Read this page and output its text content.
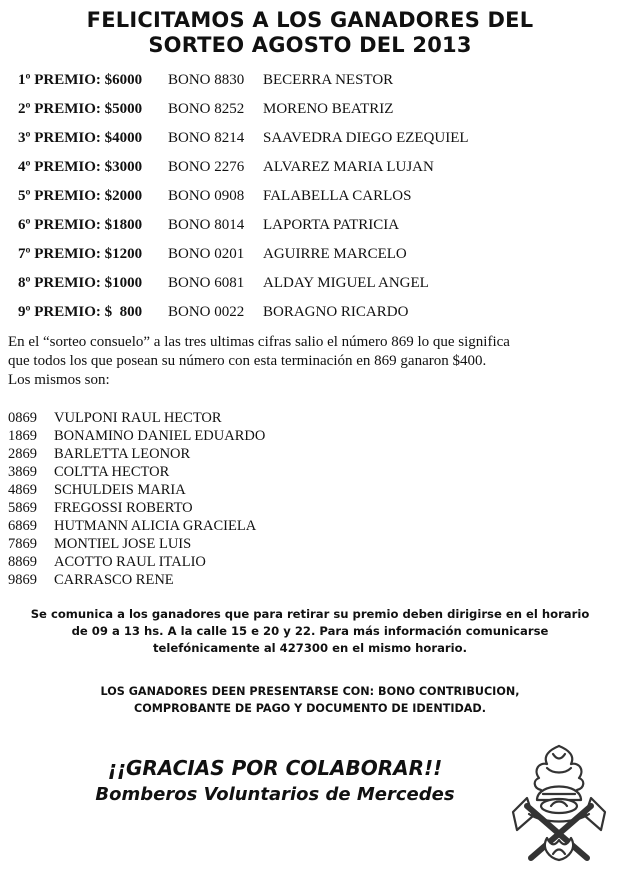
FELICITAMOS A LOS GANADORES DEL
SORTEO AGOSTO DEL 2013
1º PREMIO: $6000	BONO 8830	BECERRA NESTOR
2º PREMIO: $5000	BONO 8252	MORENO BEATRIZ
3º PREMIO: $4000	BONO 8214	SAAVEDRA DIEGO EZEQUIEL
4º PREMIO: $3000	BONO 2276	ALVAREZ MARIA LUJAN
5º PREMIO: $2000	BONO 0908	FALABELLA CARLOS
6º PREMIO: $1800	BONO 8014	LAPORTA PATRICIA
7º PREMIO: $1200	BONO 0201	AGUIRRE MARCELO
8º PREMIO: $1000	BONO 6081	ALDAY MIGUEL ANGEL
9º PREMIO: $  800	BONO 0022	BORAGNO RICARDO

En el “sorteo consuelo” a las tres ultimas cifras salio el número 869 lo que significa

que todos los que posean su número con esta terminación en 869 ganaron $400.

Los mismos son:

0869	VULPONI RAUL HECTOR
1869	BONAMINO DANIEL EDUARDO
2869	BARLETTA LEONOR
3869	COLTTA HECTOR
4869	SCHULDEIS MARIA
5869	FREGOSSI ROBERTO
6869	HUTMANN ALICIA GRACIELA
7869	MONTIEL JOSE LUIS
8869	ACOTTO RAUL ITALIO
9869	CARRASCO RENE

Se comunica a los ganadores que para retirar su premio deben dirigirse en el horario

de 09 a 13 hs. A la calle 15 e 20 y 22. Para más información comunicarse

telefónicamente al 427300 en el mismo horario.

LOS GANADORES DEEN PRESENTARSE CON: BONO CONTRIBUCION,

COMPROBANTE DE PAGO Y DOCUMENTO DE IDENTIDAD.

¡¡GRACIAS POR COLABORAR!!
Bomberos Voluntarios de Mercedes
